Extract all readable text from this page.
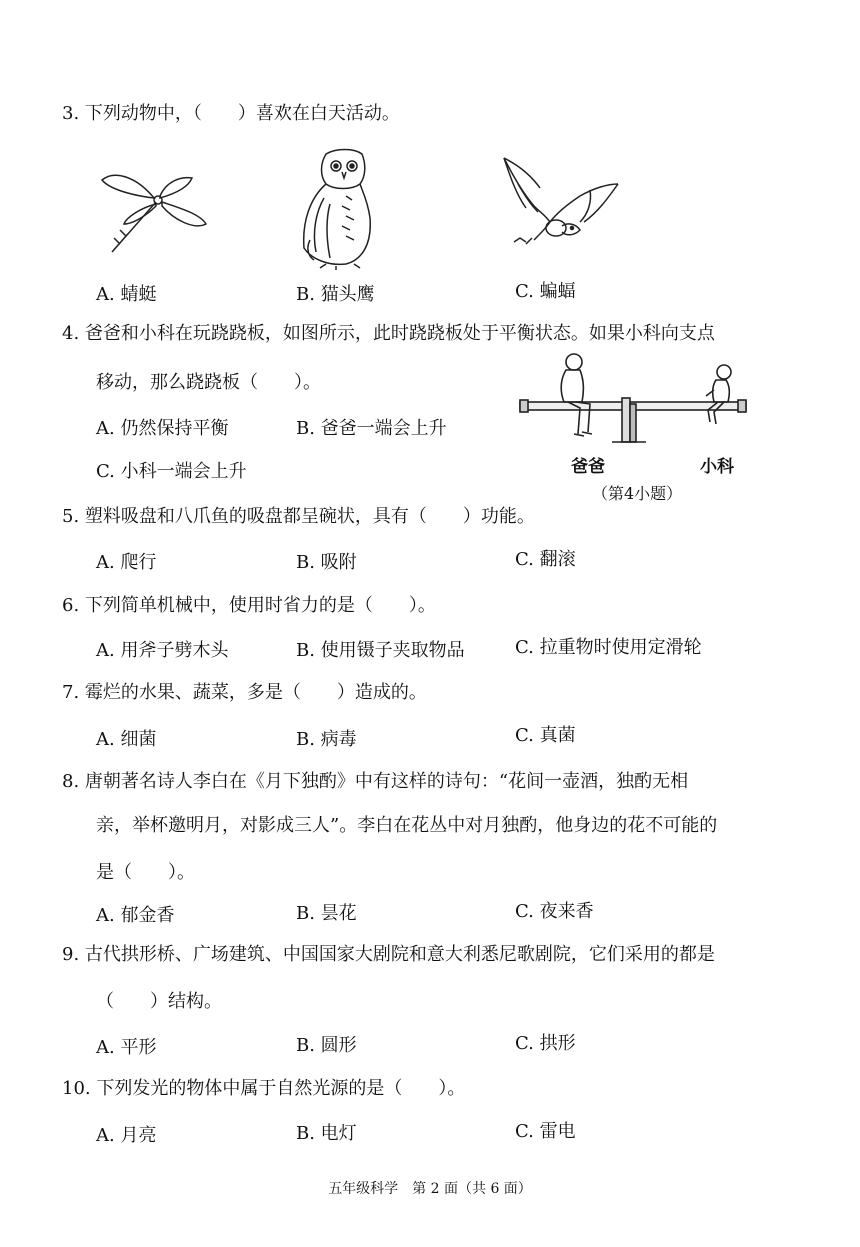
3. 下列动物中，（　　）喜欢在白天活动。
A. 蜻蜓	B. 猫头鹰	C. 蝙蝠
4. 爸爸和小科在玩跷跷板，如图所示，此时跷跷板处于平衡状态。如果小科向支点
移动，那么跷跷板（　　）。
A. 仍然保持平衡	B. 爸爸一端会上升
C. 小科一端会上升	爸爸	小科
（第4小题）
5. 塑料吸盘和八爪鱼的吸盘都呈碗状，具有（　　）功能。
A. 爬行	B. 吸附	C. 翻滚
6. 下列简单机械中，使用时省力的是（　　）。
A. 用斧子劈木头	B. 使用镊子夹取物品	C. 拉重物时使用定滑轮
7. 霉烂的水果、蔬菜，多是（　　）造成的。
A. 细菌	B. 病毒	C. 真菌
8. 唐朝著名诗人李白在《月下独酌》中有这样的诗句：“花间一壶酒，独酌无相
亲，举杯邀明月，对影成三人”。李白在花丛中对月独酌，他身边的花不可能的
是（　　）。
A. 郁金香	B. 昙花	C. 夜来香
9. 古代拱形桥、广场建筑、中国国家大剧院和意大利悉尼歌剧院，它们采用的都是
（　　）结构。
A. 平形	B. 圆形	C. 拱形
10. 下列发光的物体中属于自然光源的是（　　）。
A. 月亮	B. 电灯	C. 雷电
五年级科学　第 2 面（共 6 面）
